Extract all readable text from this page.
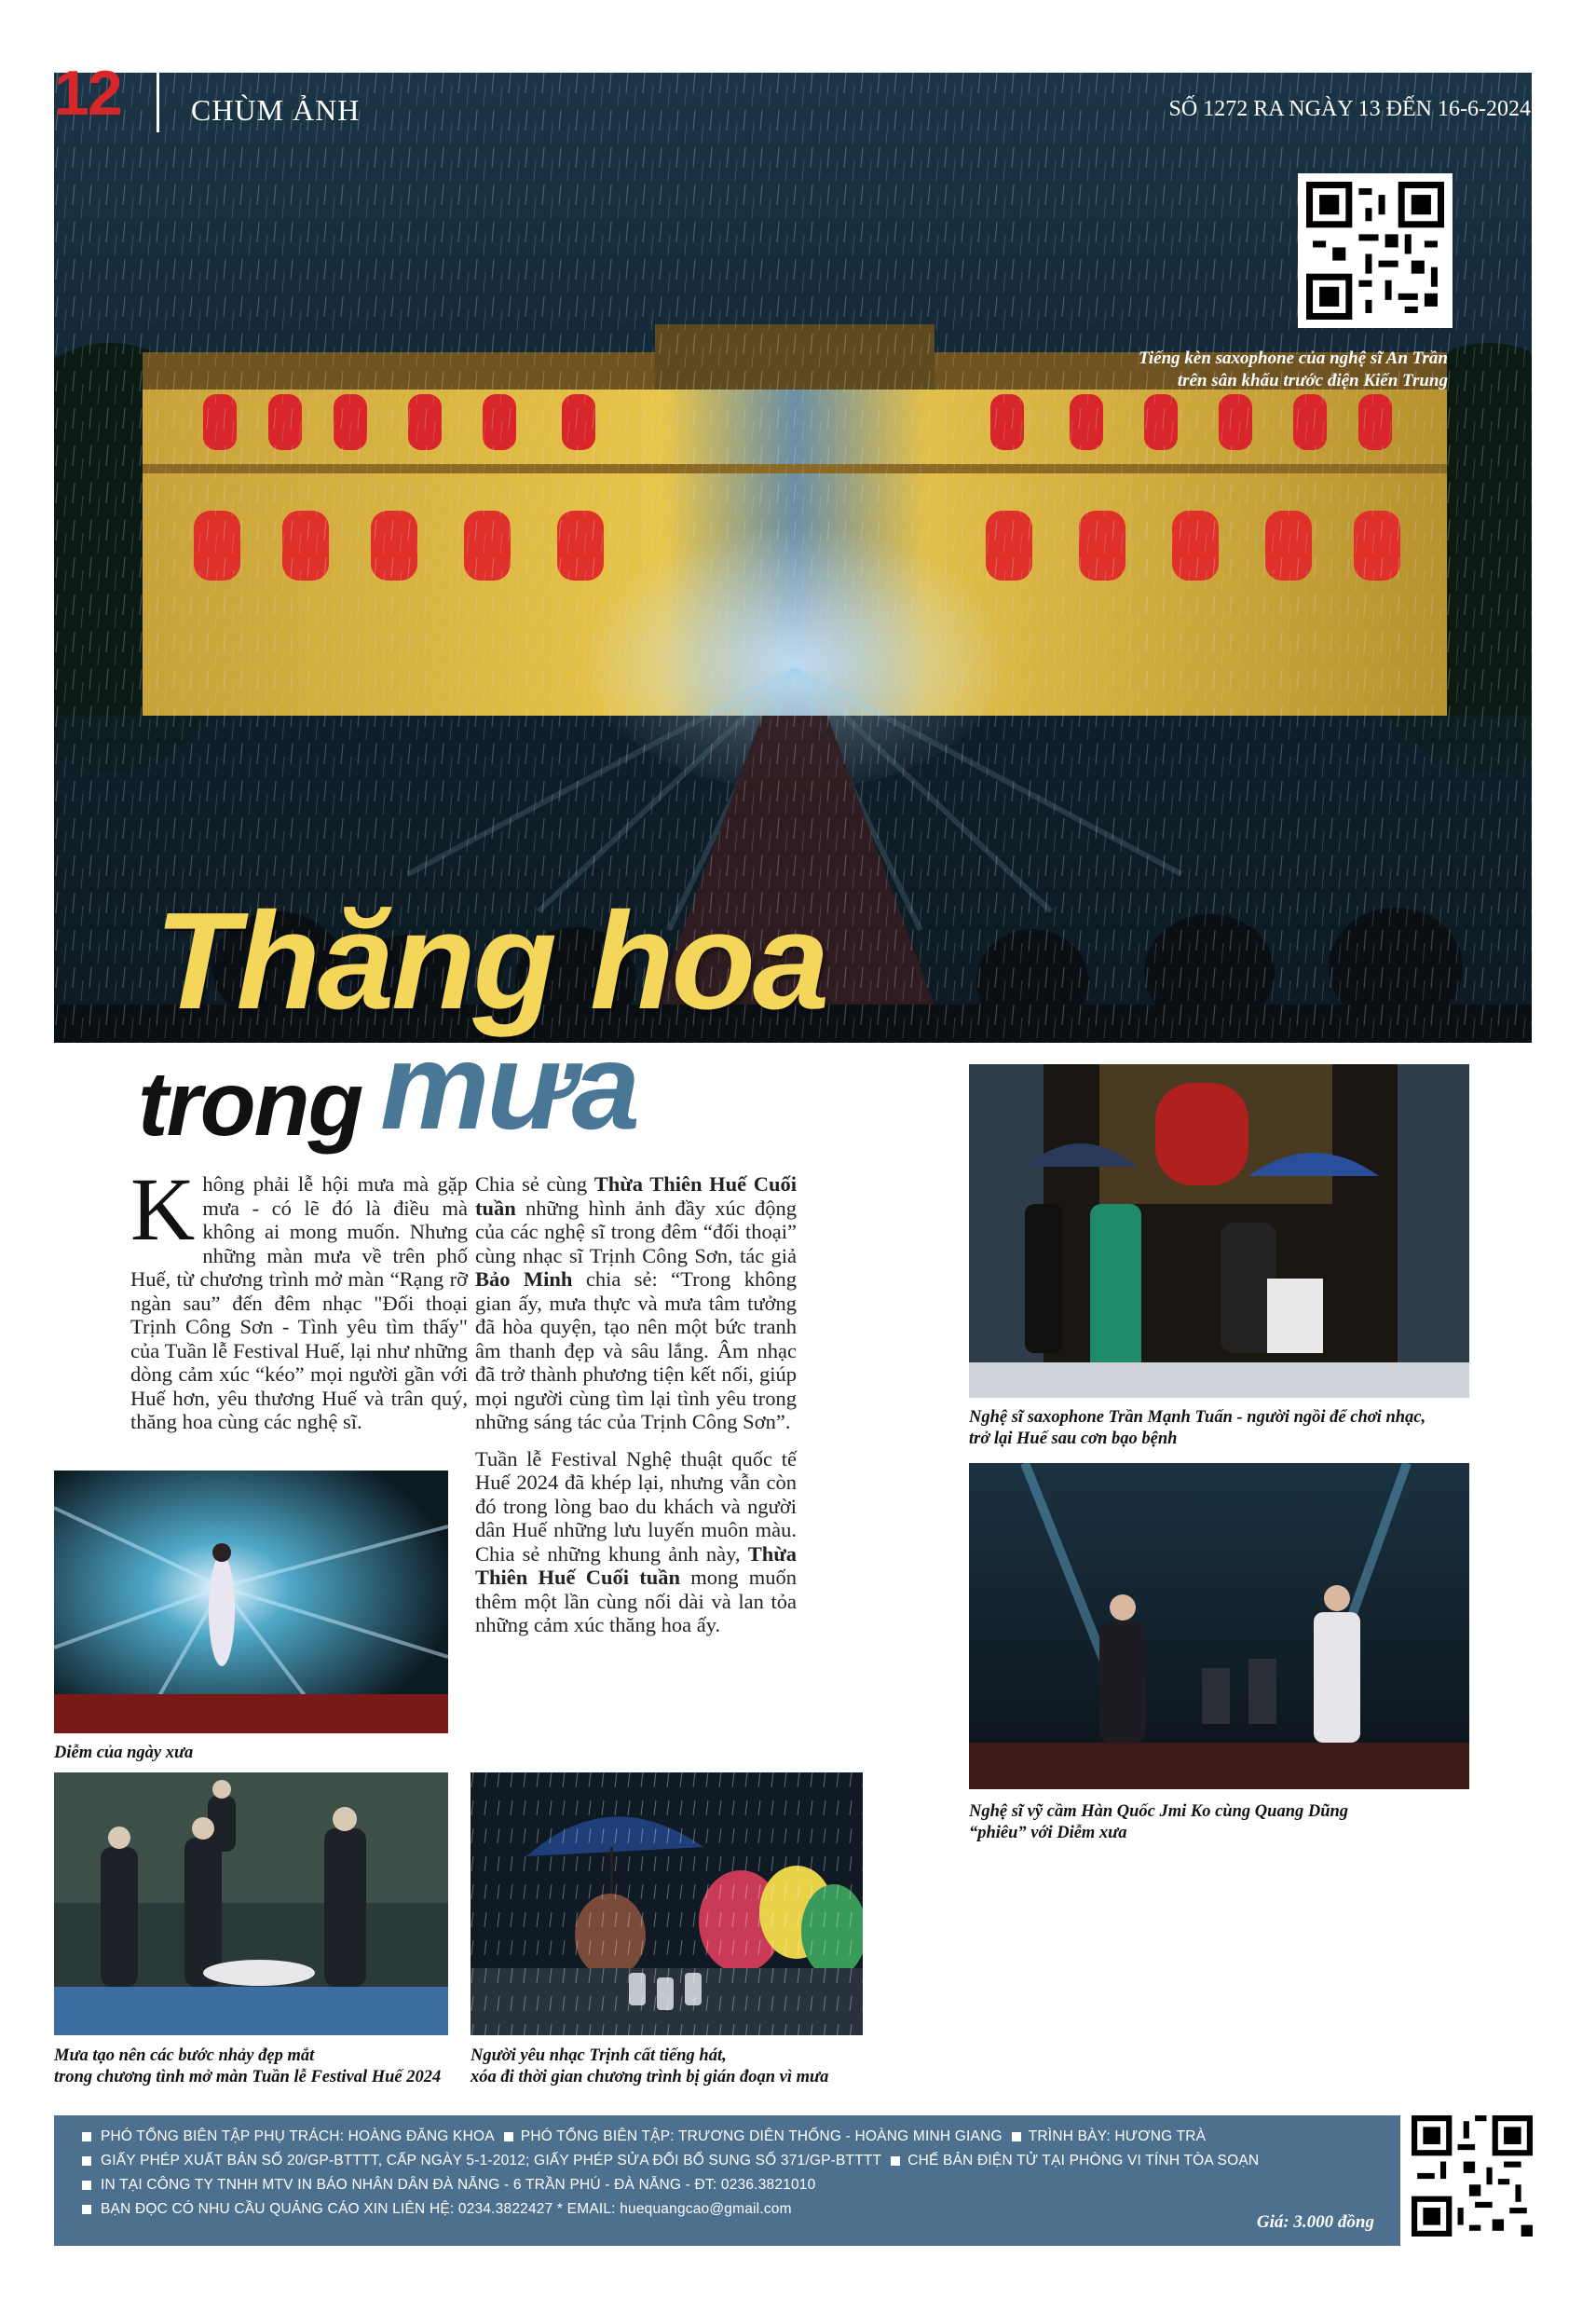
12 CHÙM ẢNH	SỐ 1272 RA NGÀY 13 ĐẾN 16-6-2024
Tiếng kèn saxophone của nghệ sĩ An Trần
trên sân khấu trước điện Kiến Trung
Thăng hoa
trong mưa

Không phải lễ hội mưa mà gặp mưa - có lẽ đó là điều mà không ai mong muốn. Nhưng những màn mưa về trên phố Huế, từ chương trình mở màn “Rạng rỡ ngàn sau” đến đêm nhạc "Đối thoại Trịnh Công Sơn - Tình yêu tìm thấy" của Tuần lễ Festival Huế, lại như những dòng cảm xúc “kéo” mọi người gần với Huế hơn, yêu thương Huế và trân quý, thăng hoa cùng các nghệ sĩ.

Chia sẻ cùng Thừa Thiên Huế Cuối tuần những hình ảnh đầy xúc động của các nghệ sĩ trong đêm “đối thoại” cùng nhạc sĩ Trịnh Công Sơn, tác giả Bảo Minh chia sẻ: “Trong không gian ấy, mưa thực và mưa tâm tưởng đã hòa quyện, tạo nên một bức tranh âm thanh đẹp và sâu lắng. Âm nhạc đã trở thành phương tiện kết nối, giúp mọi người cùng tìm lại tình yêu trong những sáng tác của Trịnh Công Sơn”.

Tuần lễ Festival Nghệ thuật quốc tế Huế 2024 đã khép lại, nhưng vẫn còn đó trong lòng bao du khách và người dân Huế những lưu luyến muôn màu. Chia sẻ những khung ảnh này, Thừa Thiên Huế Cuối tuần mong muốn thêm một lần cùng nối dài và lan tỏa những cảm xúc thăng hoa ấy.

Diễm của ngày xưa
Mưa tạo nên các bước nhảy đẹp mắt
trong chương tình mở màn Tuần lễ Festival Huế 2024
Người yêu nhạc Trịnh cất tiếng hát,
xóa đi thời gian chương trình bị gián đoạn vì mưa
Nghệ sĩ saxophone Trần Mạnh Tuấn - người ngồi để chơi nhạc,
trở lại Huế sau cơn bạo bệnh
Nghệ sĩ vỹ cầm Hàn Quốc Jmi Ko cùng Quang Dũng
“phiêu” với Diễm xưa
PHÓ TỔNG BIÊN TẬP PHỤ TRÁCH: HOÀNG ĐĂNG KHOA PHÓ TỔNG BIÊN TẬP: TRƯƠNG DIÊN THỐNG - HOÀNG MINH GIANG TRÌNH BÀY: HƯƠNG TRÀ
GIẤY PHÉP XUẤT BẢN SỐ 20/GP-BTTTT, CẤP NGÀY 5-1-2012; GIẤY PHÉP SỬA ĐỔI BỔ SUNG SỐ 371/GP-BTTTT CHẾ BẢN ĐIỆN TỬ TẠI PHÒNG VI TÍNH TÒA SOẠN
IN TẠI CÔNG TY TNHH MTV IN BÁO NHÂN DÂN ĐÀ NẴNG - 6 TRẦN PHÚ - ĐÀ NẴNG - ĐT: 0236.3821010
BẠN ĐỌC CÓ NHU CẦU QUẢNG CÁO XIN LIÊN HỆ: 0234.3822427 * EMAIL: huequangcao@gmail.com
Giá: 3.000 đồng
